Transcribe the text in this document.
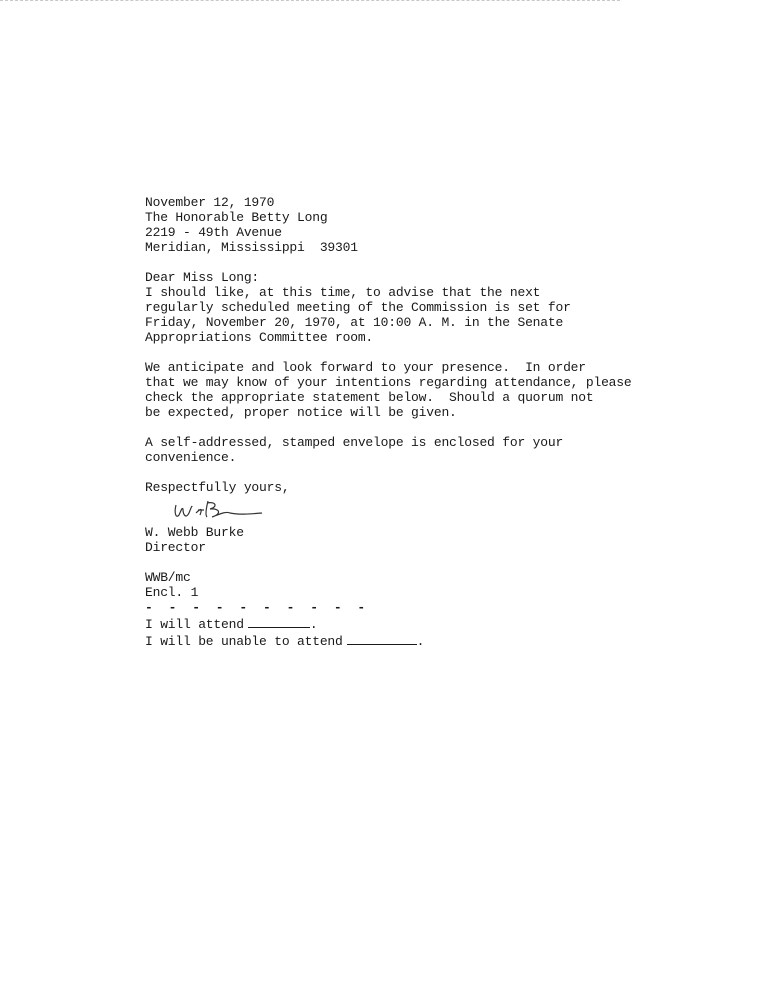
November 12, 1970

The Honorable Betty Long

2219 - 49th Avenue

Meridian, Mississippi  39301

Dear Miss Long:

I should like, at this time, to advise that the next

regularly scheduled meeting of the Commission is set for

Friday, November 20, 1970, at 10:00 A. M. in the Senate

Appropriations Committee room.

We anticipate and look forward to your presence.  In order

that we may know of your intentions regarding attendance, please

check the appropriate statement below.  Should a quorum not

be expected, proper notice will be given.

A self-addressed, stamped envelope is enclosed for your

convenience.

Respectfully yours,

W. Webb Burke

Director

WWB/mc

Encl. 1

- - - - - - - - - -

I will attend	.

I will be unable to attend	.
